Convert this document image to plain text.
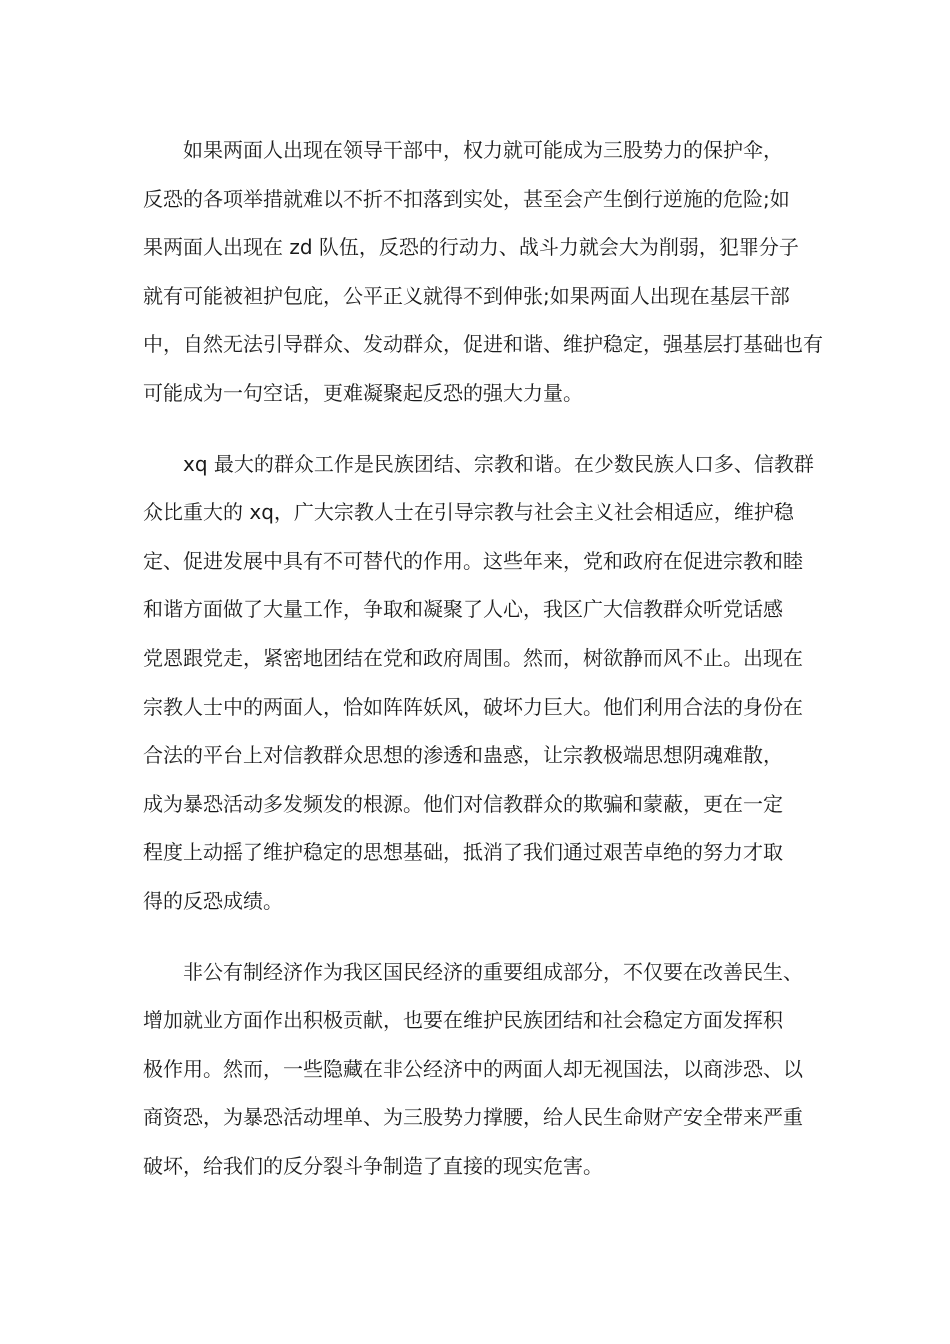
如果两面人出现在领导干部中，权力就可能成为三股势力的保护伞，
反恐的各项举措就难以不折不扣落到实处，甚至会产生倒行逆施的危险;如
果两面人出现在 zd 队伍，反恐的行动力、战斗力就会大为削弱，犯罪分子
就有可能被袒护包庇，公平正义就得不到伸张;如果两面人出现在基层干部
中，自然无法引导群众、发动群众，促进和谐、维护稳定，强基层打基础也有
可能成为一句空话，更难凝聚起反恐的强大力量。

xq 最大的群众工作是民族团结、宗教和谐。在少数民族人口多、信教群
众比重大的 xq，广大宗教人士在引导宗教与社会主义社会相适应，维护稳
定、促进发展中具有不可替代的作用。这些年来，党和政府在促进宗教和睦
和谐方面做了大量工作，争取和凝聚了人心，我区广大信教群众听党话感
党恩跟党走，紧密地团结在党和政府周围。然而，树欲静而风不止。出现在
宗教人士中的两面人，恰如阵阵妖风，破坏力巨大。他们利用合法的身份在
合法的平台上对信教群众思想的渗透和蛊惑，让宗教极端思想阴魂难散，
成为暴恐活动多发频发的根源。他们对信教群众的欺骗和蒙蔽，更在一定
程度上动摇了维护稳定的思想基础，抵消了我们通过艰苦卓绝的努力才取
得的反恐成绩。

非公有制经济作为我区国民经济的重要组成部分，不仅要在改善民生、
增加就业方面作出积极贡献，也要在维护民族团结和社会稳定方面发挥积
极作用。然而，一些隐藏在非公经济中的两面人却无视国法，以商涉恐、以
商资恐，为暴恐活动埋单、为三股势力撑腰，给人民生命财产安全带来严重
破坏，给我们的反分裂斗争制造了直接的现实危害。
